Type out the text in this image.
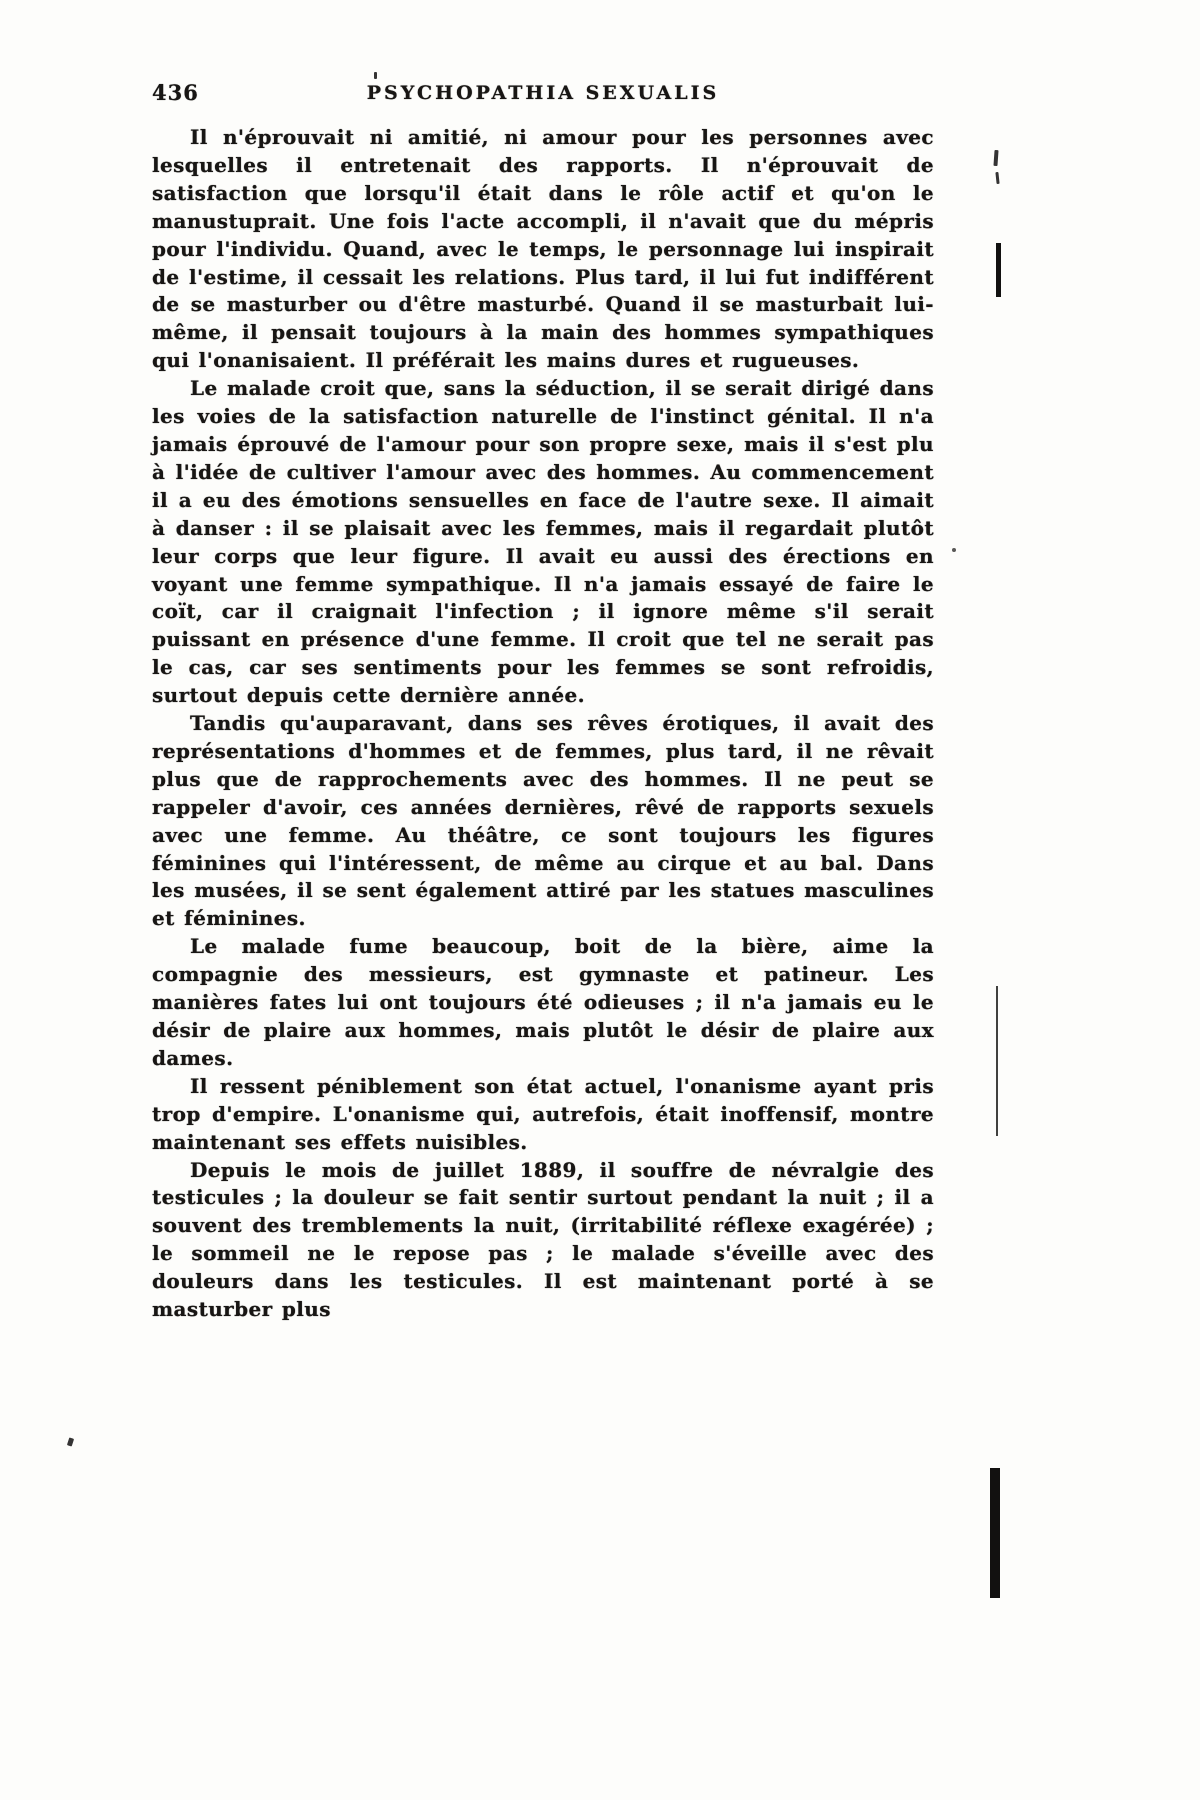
436	PSYCHOPATHIA SEXUALIS

Il n'éprouvait ni amitié, ni amour pour les personnes avec lesquelles il entretenait des rapports. Il n'éprouvait de satisfaction que lorsqu'il était dans le rôle actif et qu'on le manustuprait. Une fois l'acte accompli, il n'avait que du mépris pour l'individu. Quand, avec le temps, le personnage lui inspirait de l'estime, il cessait les relations. Plus tard, il lui fut indifférent de se masturber ou d'être masturbé. Quand il se masturbait lui-même, il pensait toujours à la main des hommes sympathiques qui l'onanisaient. Il préférait les mains dures et rugueuses.

Le malade croit que, sans la séduction, il se serait dirigé dans les voies de la satisfaction naturelle de l'instinct génital. Il n'a jamais éprouvé de l'amour pour son propre sexe, mais il s'est plu à l'idée de cultiver l'amour avec des hommes. Au commencement il a eu des émotions sensuelles en face de l'autre sexe. Il aimait à danser : il se plaisait avec les femmes, mais il regardait plutôt leur corps que leur figure. Il avait eu aussi des érections en voyant une femme sympathique. Il n'a jamais essayé de faire le coït, car il craignait l'infection ; il ignore même s'il serait puissant en présence d'une femme. Il croit que tel ne serait pas le cas, car ses sentiments pour les femmes se sont refroidis, surtout depuis cette dernière année.

Tandis qu'auparavant, dans ses rêves érotiques, il avait des représentations d'hommes et de femmes, plus tard, il ne rêvait plus que de rapprochements avec des hommes. Il ne peut se rappeler d'avoir, ces années dernières, rêvé de rapports sexuels avec une femme. Au théâtre, ce sont toujours les figures féminines qui l'intéressent, de même au cirque et au bal. Dans les musées, il se sent également attiré par les statues masculines et féminines.

Le malade fume beaucoup, boit de la bière, aime la compagnie des messieurs, est gymnaste et patineur. Les manières fates lui ont toujours été odieuses ; il n'a jamais eu le désir de plaire aux hommes, mais plutôt le désir de plaire aux dames.

Il ressent péniblement son état actuel, l'onanisme ayant pris trop d'empire. L'onanisme qui, autrefois, était inoffensif, montre maintenant ses effets nuisibles.

Depuis le mois de juillet 1889, il souffre de névralgie des testicules ; la douleur se fait sentir surtout pendant la nuit ; il a souvent des tremblements la nuit, (irritabilité réflexe exagérée) ; le sommeil ne le repose pas ; le malade s'éveille avec des douleurs dans les testicules. Il est maintenant porté à se masturber plus
